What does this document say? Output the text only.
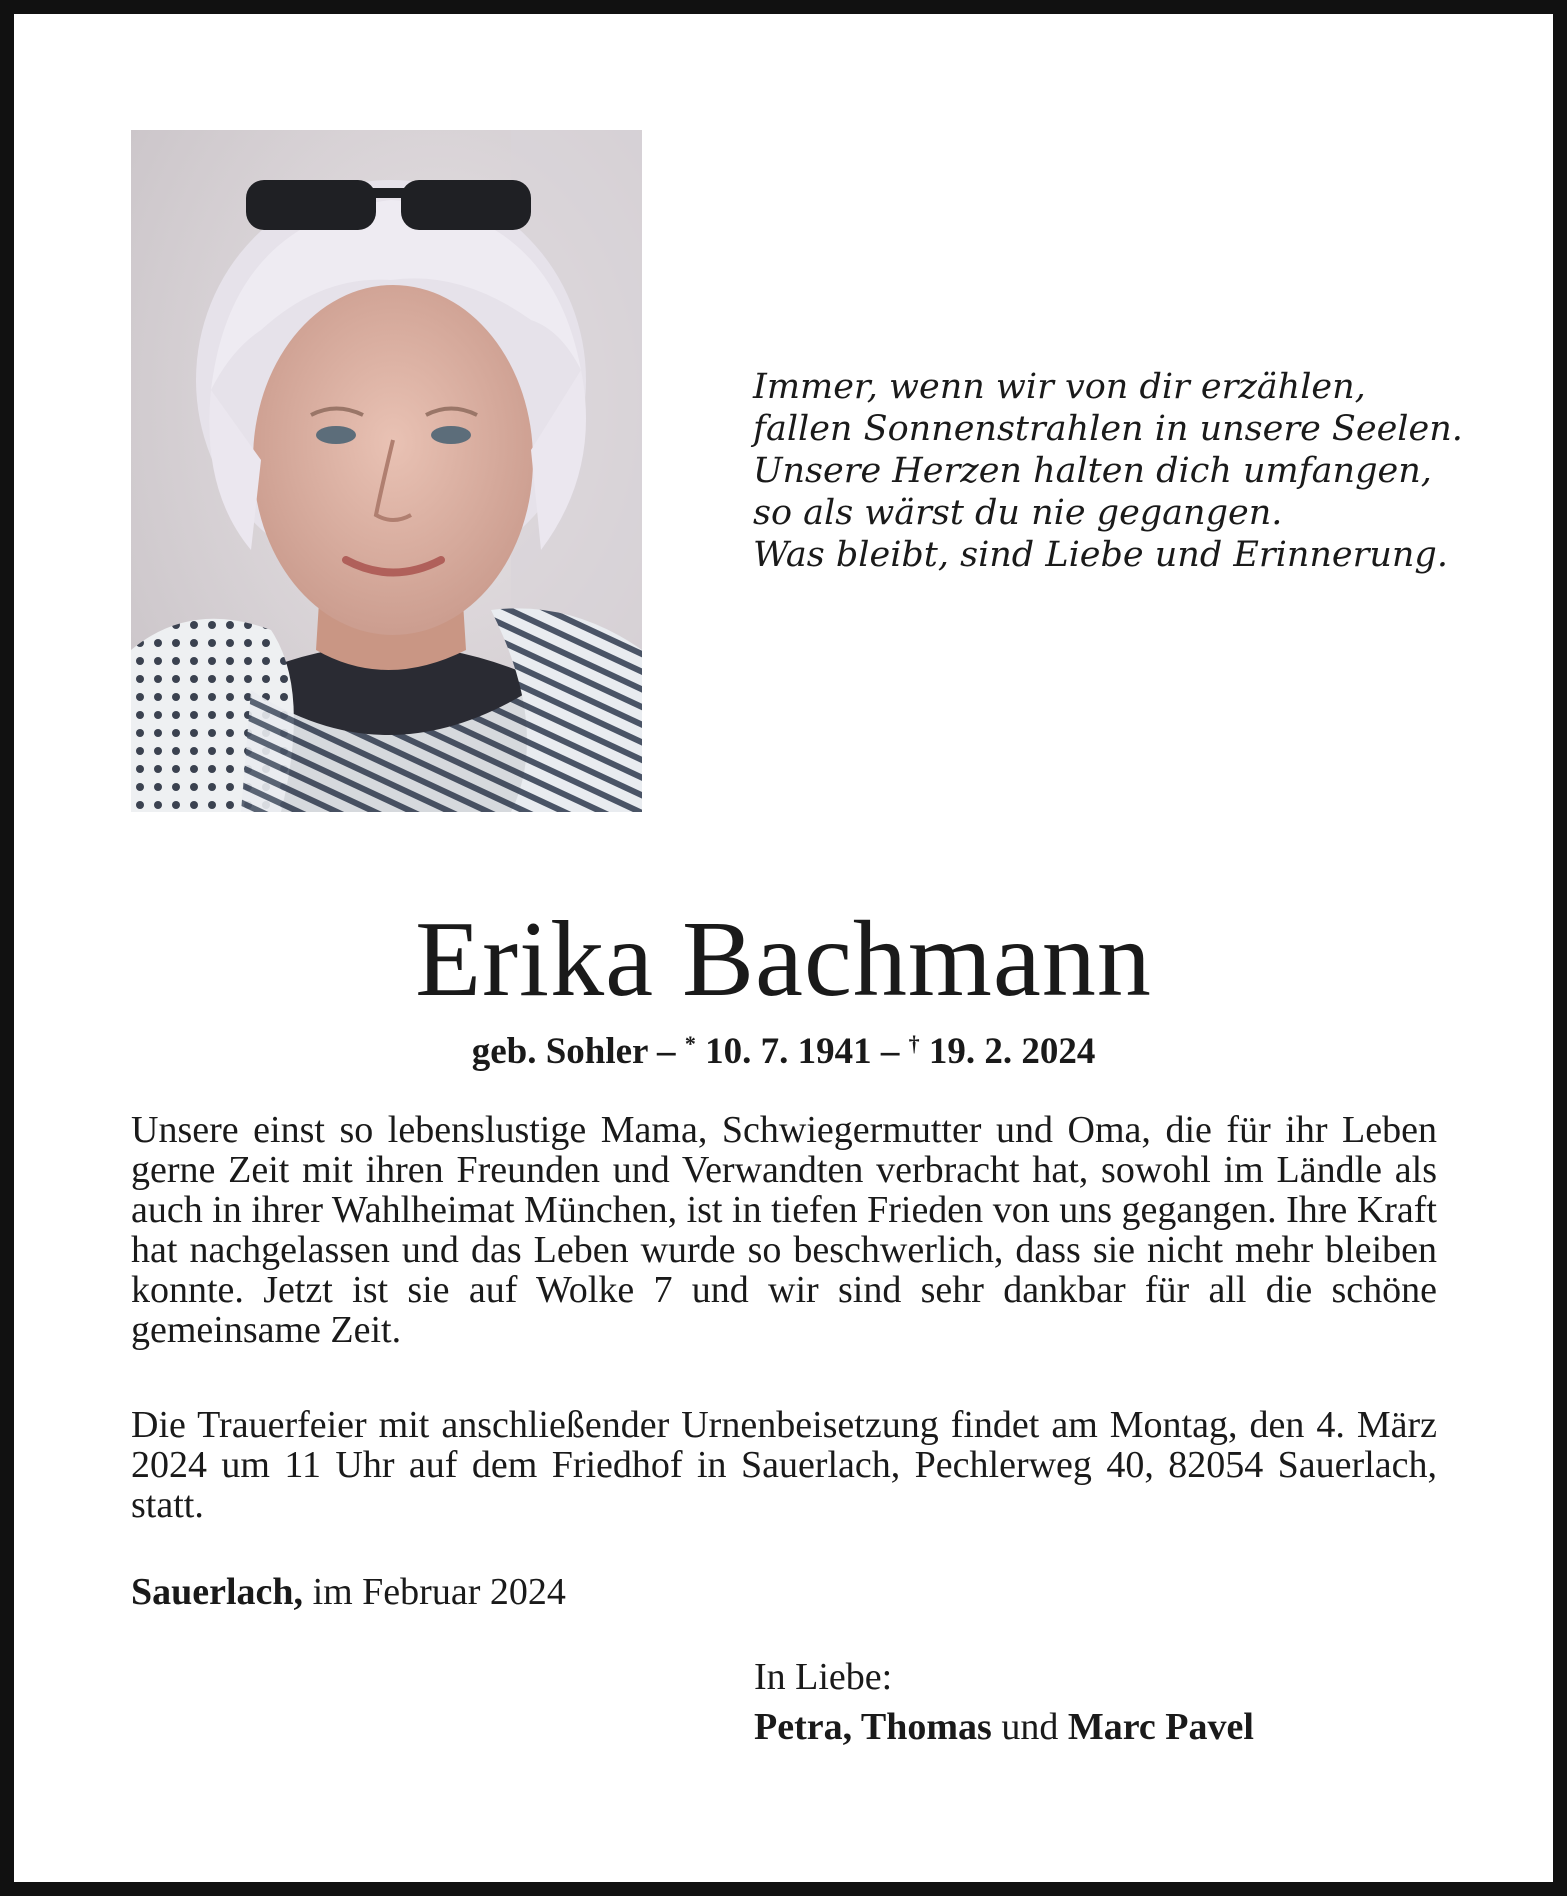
Immer, wenn wir von dir erzählen,
fallen Sonnenstrahlen in unsere Seelen.
Unsere Herzen halten dich umfangen,
so als wärst du nie gegangen.
Was bleibt, sind Liebe und Erinnerung.
Erika Bachmann
geb. Sohler – * 10. 7. 1941 – † 19. 2. 2024
Unsere einst so lebenslustige Mama, Schwiegermutter und Oma, die für ihr Leben gerne Zeit mit ihren Freunden und Verwandten verbracht hat, sowohl im Ländle als auch in ihrer Wahlheimat München, ist in tiefen Frieden von uns gegangen. Ihre Kraft hat nachgelassen und das Leben wurde so beschwerlich, dass sie nicht mehr bleiben konnte. Jetzt ist sie auf Wolke 7 und wir sind sehr dankbar für all die schöne gemeinsame Zeit.
Die Trauerfeier mit anschließender Urnenbeisetzung findet am Montag, den 4. März 2024 um 11 Uhr auf dem Friedhof in Sauerlach, Pechlerweg 40, 82054 Sauerlach, statt.
Sauerlach, im Februar 2024
In Liebe:
Petra, Thomas und Marc Pavel
